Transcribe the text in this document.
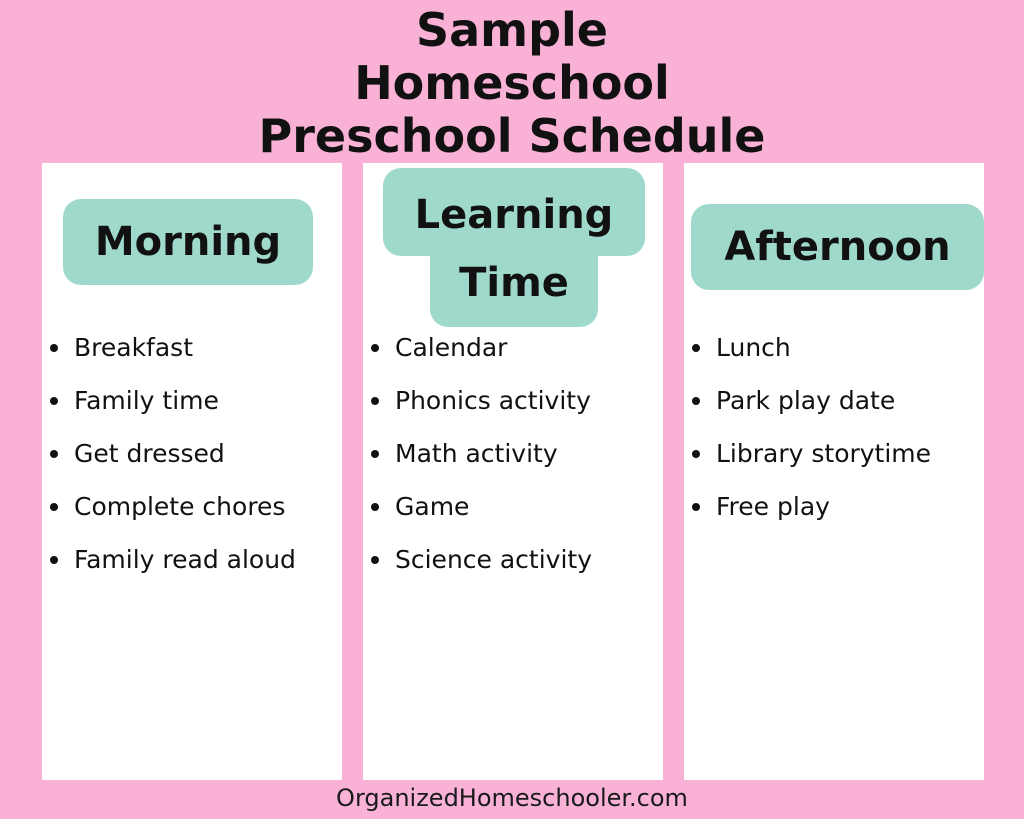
Sample
Homeschool
Preschool Schedule
Morning
Breakfast
Family time
Get dressed
Complete chores
Family read aloud
Learning
Time
Calendar
Phonics activity
Math activity
Game
Science activity
Afternoon
Lunch
Park play date
Library storytime
Free play
OrganizedHomeschooler.com
